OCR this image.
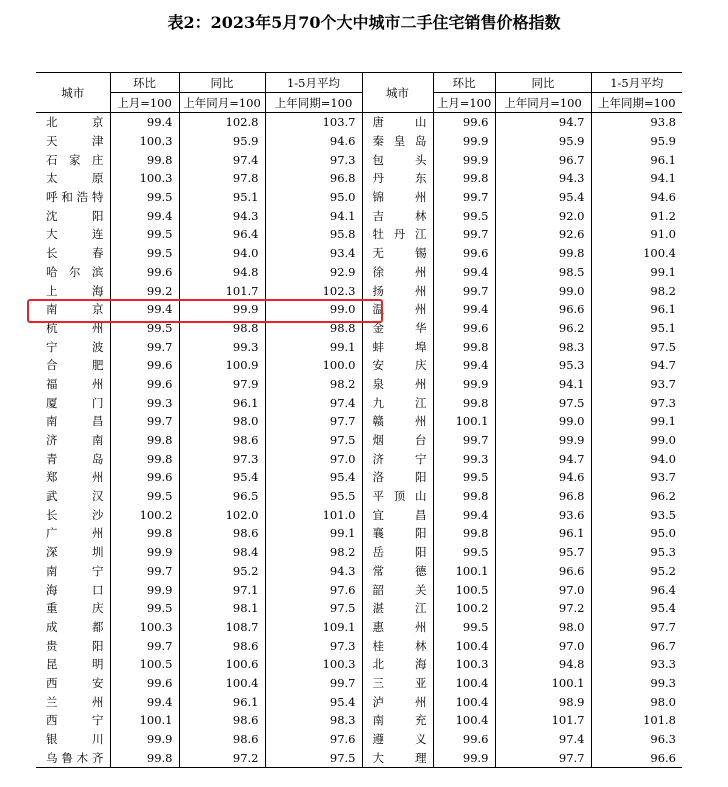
表2：2023年5月70个大中城市二手住宅销售价格指数
城市	环比	同比	1-5月平均	城市	环比	同比	1-5月平均
	上月=100	上年同月=100	上年同期=100		上月=100	上年同月=100	上年同期=100
北京	99.4	102.8	103.7	唐山	99.6	94.7	93.8
天津	100.3	95.9	94.6	秦皇岛	99.9	95.9	95.9
石家庄	99.8	97.4	97.3	包头	99.9	96.7	96.1
太原	100.3	97.8	96.8	丹东	99.8	94.3	94.1
呼和浩特	99.5	95.1	95.0	锦州	99.7	95.4	94.6
沈阳	99.4	94.3	94.1	吉林	99.5	92.0	91.2
大连	99.5	96.4	95.8	牡丹江	99.7	92.6	91.0
长春	99.5	94.0	93.4	无锡	99.6	99.8	100.4
哈尔滨	99.6	94.8	92.9	徐州	99.4	98.5	99.1
上海	99.2	101.7	102.3	扬州	99.7	99.0	98.2
南京	99.4	99.9	99.0	温州	99.4	96.6	96.1
杭州	99.5	98.8	98.8	金华	99.6	96.2	95.1
宁波	99.7	99.3	99.1	蚌埠	99.8	98.3	97.5
合肥	99.6	100.9	100.0	安庆	99.4	95.3	94.7
福州	99.6	97.9	98.2	泉州	99.9	94.1	93.7
厦门	99.3	96.1	97.4	九江	99.8	97.5	97.3
南昌	99.7	98.0	97.7	赣州	100.1	99.0	99.1
济南	99.8	98.6	97.5	烟台	99.7	99.9	99.0
青岛	99.8	97.3	97.0	济宁	99.3	94.7	94.0
郑州	99.6	95.4	95.4	洛阳	99.5	94.6	93.7
武汉	99.5	96.5	95.5	平顶山	99.8	96.8	96.2
长沙	100.2	102.0	101.0	宜昌	99.4	93.6	93.5
广州	99.8	98.6	99.1	襄阳	99.8	96.1	95.0
深圳	99.9	98.4	98.2	岳阳	99.5	95.7	95.3
南宁	99.7	95.2	94.3	常德	100.1	96.6	95.2
海口	99.9	97.1	97.6	韶关	100.5	97.0	96.4
重庆	99.5	98.1	97.5	湛江	100.2	97.2	95.4
成都	100.3	108.7	109.1	惠州	99.5	98.0	97.7
贵阳	99.7	98.6	97.3	桂林	100.4	97.0	96.7
昆明	100.5	100.6	100.3	北海	100.3	94.8	93.3
西安	99.6	100.4	99.7	三亚	100.4	100.1	99.3
兰州	99.4	96.1	95.4	泸州	100.4	98.9	98.0
西宁	100.1	98.6	98.3	南充	100.4	101.7	101.8
银川	99.9	98.6	97.6	遵义	99.6	97.4	96.3
乌鲁木齐	99.8	97.2	97.5	大理	99.9	97.7	96.6
